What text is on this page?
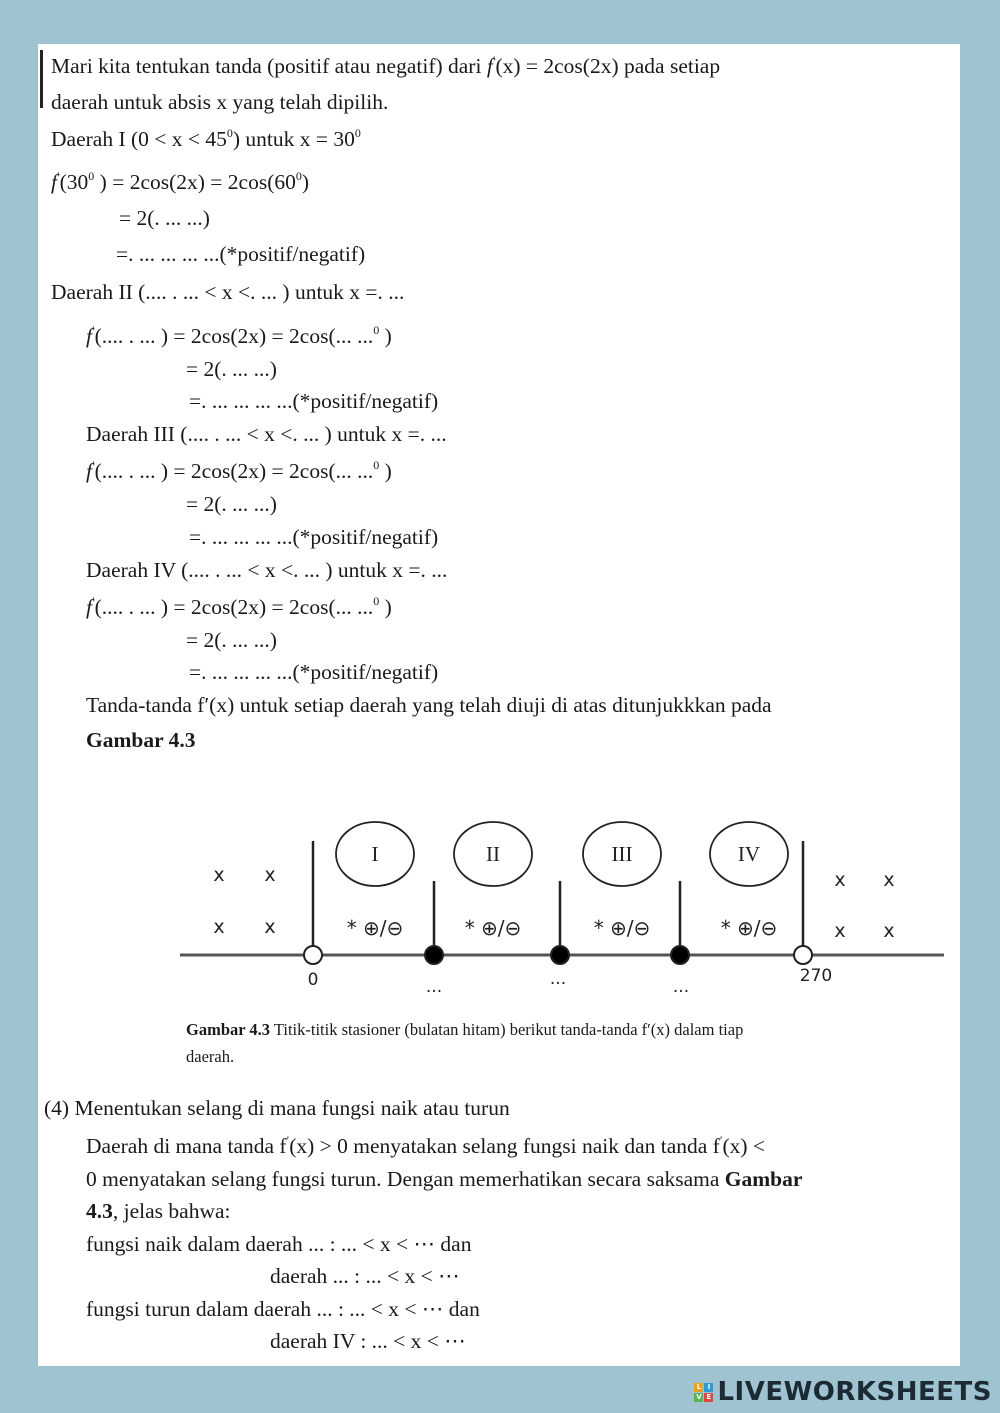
Mari kita tentukan tanda (positif atau negatif) dari f′(x) = 2cos(2x) pada setiap
daerah untuk absis x yang telah dipilih.
Daerah I $(0 < x < 45^0)$ untuk $x = 30^0$
$f'(30^0$ ) = $2\cos(2x) = 2\cos(60^0)$
= 2(. ... ...)
=. ... ... ... ...(*positif/negatif)
Daerah II (.... . ... < x <. ... ) untuk x =. ...
f′(.... . ... ) = 2cos(2x) = 2cos(... ...$^0$ )
= 2(. ... ...)
=. ... ... ... ...(*positif/negatif)
Daerah III (.... . ... < x <. ... ) untuk x =. ...
f′(.... . ... ) = 2cos(2x) = 2cos(... ...$^0$ )
= 2(. ... ...)
=. ... ... ... ...(*positif/negatif)
Daerah IV (.... . ... < x <. ... ) untuk x =. ...
f′(.... . ... ) = 2cos(2x) = 2cos(... ...$^0$ )
= 2(. ... ...)
=. ... ... ... ...(*positif/negatif)
Tanda-tanda f′(x) untuk setiap daerah yang telah diuji di atas ditunjukkkan pada
Gambar 4.3
0	...	...	...
270
I
* ⊕/⊖
II
* ⊕/⊖
III
* ⊕/⊖
IV
* ⊕/⊖
x x
x x
x x
x x
Gambar 4.3 Titik-titik stasioner (bulatan hitam) berikut tanda-tanda f′(x) dalam tiap
daerah.
(4) Menentukan selang di mana fungsi naik atau turun
Daerah di mana tanda f′(x) > 0 menyatakan selang fungsi naik dan tanda f′(x) <
0 menyatakan selang fungsi turun. Dengan memerhatikan secara saksama Gambar
4.3, jelas bahwa:
fungsi naik dalam daerah ... : ... < x < ⋯ dan
daerah ... : ... < x < ⋯
fungsi turun dalam daerah ... : ... < x < ⋯ dan
daerah IV : ... < x < ⋯
L I
V E LIVEWORKSHEETS
